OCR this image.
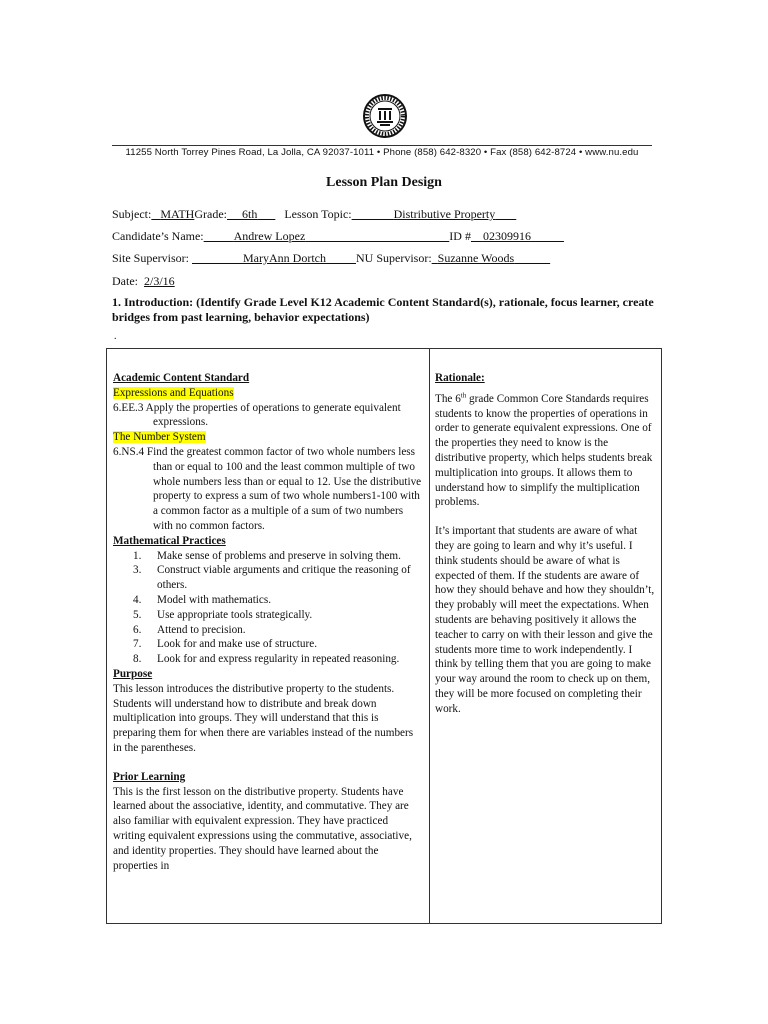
11255 North Torrey Pines Road, La Jolla, CA 92037-1011 • Phone (858) 642-8320 • Fax (858) 642-8724 • www.nu.edu
Lesson Plan Design
Subject: MATHGrade: 6th Lesson Topic:	Distributive Property
Candidate’s Name:	Andrew Lopez	ID # 02309916
Site Supervisor:	MaryAnn Dortch	NU Supervisor: Suzanne Woods
Date: 2/3/16
1. Introduction: (Identify Grade Level K12 Academic Content Standard(s), rationale, focus learner, create bridges from past learning, behavior expectations)
.

Academic Content Standard

Expressions and Equations

6.EE.3 Apply the properties of operations to generate equivalent expressions.

The Number System

6.NS.4 Find the greatest common factor of two whole numbers less than or equal to 100 and the least common multiple of two whole numbers less than or equal to 12. Use the distributive property to express a sum of two whole numbers1-100 with a common factor as a multiple of a sum of two numbers with no common factors.

Mathematical Practices

1. Make sense of problems and preserve in solving them.
3. Construct viable arguments and critique the reasoning of others.
4. Model with mathematics.
5. Use appropriate tools strategically.
6. Attend to precision.
7. Look for and make use of structure.
8. Look for and express regularity in repeated reasoning.

Purpose

This lesson introduces the distributive property to the students. Students will understand how to distribute and break down multiplication into groups. They will understand that this is preparing them for when there are variables instead of the numbers in the parentheses.

Prior Learning

This is the first lesson on the distributive property. Students have learned about the associative, identity, and commutative. They are also familiar with equivalent expression. They have practiced writing equivalent expressions using the commutative, associative, and identity properties. They should have learned about the properties in

Rationale:

The 6th grade Common Core Standards requires students to know the properties of operations in order to generate equivalent expressions. One of the properties they need to know is the distributive property, which helps students break multiplication into groups. It allows them to understand how to simplify the multiplication problems.

It’s important that students are aware of what they are going to learn and why it’s useful. I think students should be aware of what is expected of them. If the students are aware of how they should behave and how they shouldn’t, they probably will meet the expectations. When students are behaving positively it allows the teacher to carry on with their lesson and give the students more time to work independently. I think by telling them that you are going to make your way around the room to check up on them, they will be more focused on completing their work.
